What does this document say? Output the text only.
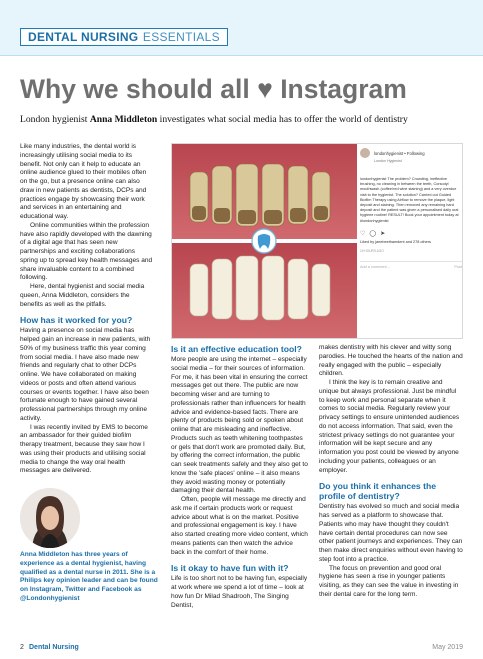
DENTAL NURSING
ESSENTIALS
Why we should all ♥ Instagram
London hygienist Anna Middleton investigates what social media has to offer the world of dentistry

Like many industries, the dental world is increasingly utilising social media to its benefit. Not only can it help to educate an online audience glued to their mobiles often on the go, but a presence online can also draw in new patients as dentists, DCPs and practices engage by showcasing their work and services in an entertaining and educational way.

Online communities within the profession have also rapidly developed with the dawning of a digital age that has seen new partnerships and exciting collaborations spring up to spread key health messages and share invaluable content to a combined following.

Here, dental hygienist and social media queen, Anna Middleton, considers the benefits as well as the pitfalls.

How has it worked for you?

Having a presence on social media has helped gain an increase in new patients, with 50% of my business traffic this year coming from social media. I have also made new friends and regularly chat to other DCPs online. We have collaborated on making videos or posts and often attend various courses or events together. I have also been fortunate enough to have gained several professional partnerships through my online activity.

I was recently invited by EMS to become an ambassador for their guided biofilm therapy treatment, because they saw how I was using their products and utilising social media to change the way oral health messages are delivered.

londonhygienist • Following
London Hygienist
londonhygienist The problem? Crowding, ineffective brushing, no cleaning in between the teeth, Corsodyl mouthwash (coffee/red wine staining) and a very overdue visit to the hygienist. The solution? Carried out Guided Biofilm Therapy using Airflow to remove the plaque, light deposit and staining. Then removed any remaining hard deposit and the patient was given a personalised daily oral hygiene routine! RESULT! Book your appointment today at #londonhygienist
♡ ◯ ➤
Liked by janebeethamdent and 278 others
19 HOURS AGO
Add a comment...	Post
Is it an effective education tool?

More people are using the internet – especially social media – for their sources of information. For me, it has been vital in ensuring the correct messages get out there. The public are now becoming wiser and are turning to professionals rather than influencers for health advice and evidence-based facts. There are plenty of products being sold or spoken about online that are misleading and ineffective. Products such as teeth whitening toothpastes or gels that don't work are promoted daily. But, by offering the correct information, the public can seek treatments safely and they also get to know the 'safe places' online – it also means they avoid wasting money or potentially damaging their dental health.

Often, people will message me directly and ask me if certain products work or request advice about what is on the market. Positive and professional engagement is key. I have also started creating more video content, which means patients can then watch the advice back in the comfort of their home.

Is it okay to have fun with it?

Life is too short not to be having fun, especially at work where we spend a lot of time – look at how fun Dr Milad Shadrooh, The Singing Dentist,

makes dentistry with his clever and witty song parodies. He touched the hearts of the nation and really engaged with the public – especially children.

I think the key is to remain creative and unique but always professional. Just be mindful to keep work and personal separate when it comes to social media. Regularly review your privacy settings to ensure unintended audiences do not access information. That said, even the strictest privacy settings do not guarantee your information will be kept secure and any information you post could be viewed by anyone including your patients, colleagues or an employer.

Do you think it enhances the profile of dentistry?

Dentistry has evolved so much and social media has served as a platform to showcase that. Patients who may have thought they couldn't have certain dental procedures can now see other patient journeys and experiences. They can then make direct enquiries without even having to step foot into a practice.

The focus on prevention and good oral hygiene has seen a rise in younger patients visiting, as they can see the value in investing in their dental care for the long term.

Anna Middleton has three years of experience as a dental hygienist, having qualified as a dental nurse in 2011. She is a Philips key opinion leader and can be found on Instagram, Twitter and Facebook as @Londonhygienist
2 Dental Nursing	May 2019
